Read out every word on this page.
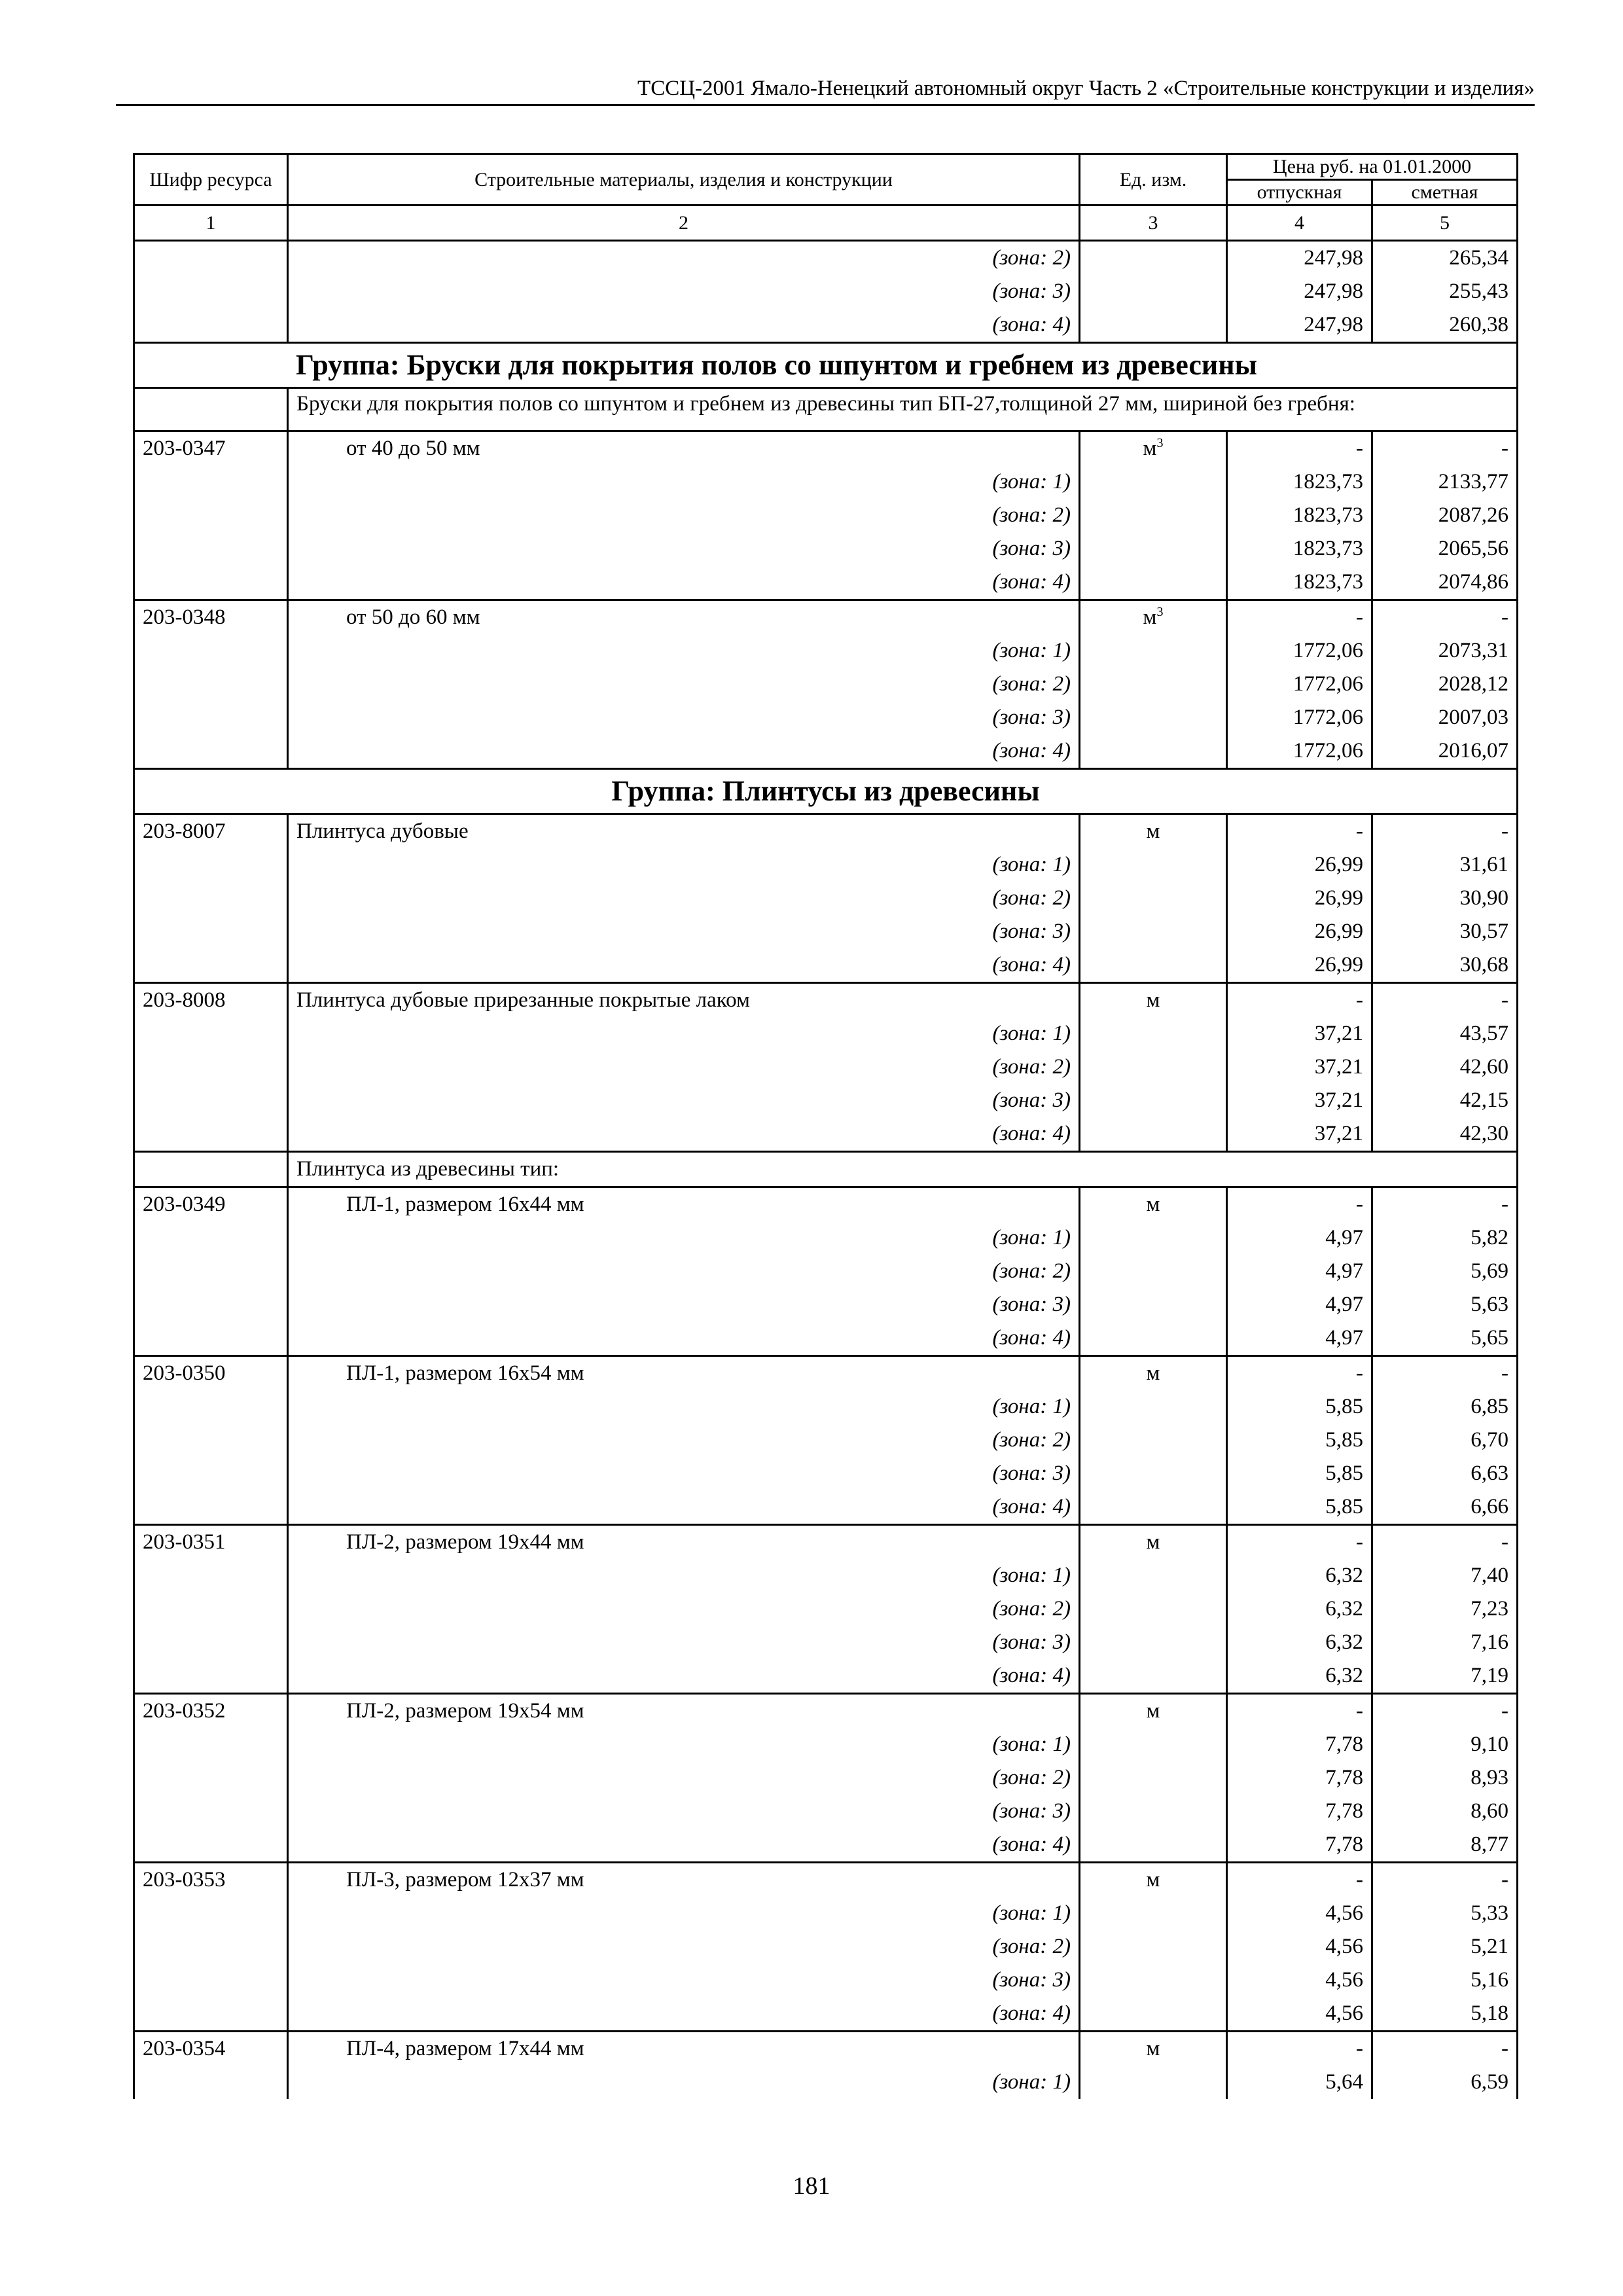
ТССЦ-2001 Ямало-Ненецкий автономный округ Часть 2 «Строительные конструкции и изделия»
Шифр ресурса	Строительные материалы, изделия и конструкции	Ед. изм.	Цена руб. на 01.01.2000	
			отпускная	сметная
1	2	3	4	5
	(зона: 2)		247,98	265,34
	(зона: 3)		247,98	255,43
	(зона: 4)		247,98	260,38
Группа: Бруски для покрытия полов со шпунтом и гребнем из древесины				
	Бруски для покрытия полов со шпунтом и гребнем из древесины тип БП-27,толщиной 27 мм, шириной без гребня:			
203-0347	от 40 до 50 мм	$м^3$	-	-
	(зона: 1)		1823,73	2133,77
	(зона: 2)		1823,73	2087,26
	(зона: 3)		1823,73	2065,56
	(зона: 4)		1823,73	2074,86
203-0348	от 50 до 60 мм	$м^3$	-	-
	(зона: 1)		1772,06	2073,31
	(зона: 2)		1772,06	2028,12
	(зона: 3)		1772,06	2007,03
	(зона: 4)		1772,06	2016,07
Группа: Плинтусы из древесины				
203-8007	Плинтуса дубовые	м	-	-
	(зона: 1)		26,99	31,61
	(зона: 2)		26,99	30,90
	(зона: 3)		26,99	30,57
	(зона: 4)		26,99	30,68
203-8008	Плинтуса дубовые прирезанные покрытые лаком	м	-	-
	(зона: 1)		37,21	43,57
	(зона: 2)		37,21	42,60
	(зона: 3)		37,21	42,15
	(зона: 4)		37,21	42,30
	Плинтуса из древесины тип:			
203-0349	ПЛ-1, размером 16х44 мм	м	-	-
	(зона: 1)		4,97	5,82
	(зона: 2)		4,97	5,69
	(зона: 3)		4,97	5,63
	(зона: 4)		4,97	5,65
203-0350	ПЛ-1, размером 16х54 мм	м	-	-
	(зона: 1)		5,85	6,85
	(зона: 2)		5,85	6,70
	(зона: 3)		5,85	6,63
	(зона: 4)		5,85	6,66
203-0351	ПЛ-2, размером 19х44 мм	м	-	-
	(зона: 1)		6,32	7,40
	(зона: 2)		6,32	7,23
	(зона: 3)		6,32	7,16
	(зона: 4)		6,32	7,19
203-0352	ПЛ-2, размером 19х54 мм	м	-	-
	(зона: 1)		7,78	9,10
	(зона: 2)		7,78	8,93
	(зона: 3)		7,78	8,60
	(зона: 4)		7,78	8,77
203-0353	ПЛ-3, размером 12х37 мм	м	-	-
	(зона: 1)		4,56	5,33
	(зона: 2)		4,56	5,21
	(зона: 3)		4,56	5,16
	(зона: 4)		4,56	5,18
203-0354	ПЛ-4, размером 17х44 мм	м	-	-
	(зона: 1)		5,64	6,59
181
